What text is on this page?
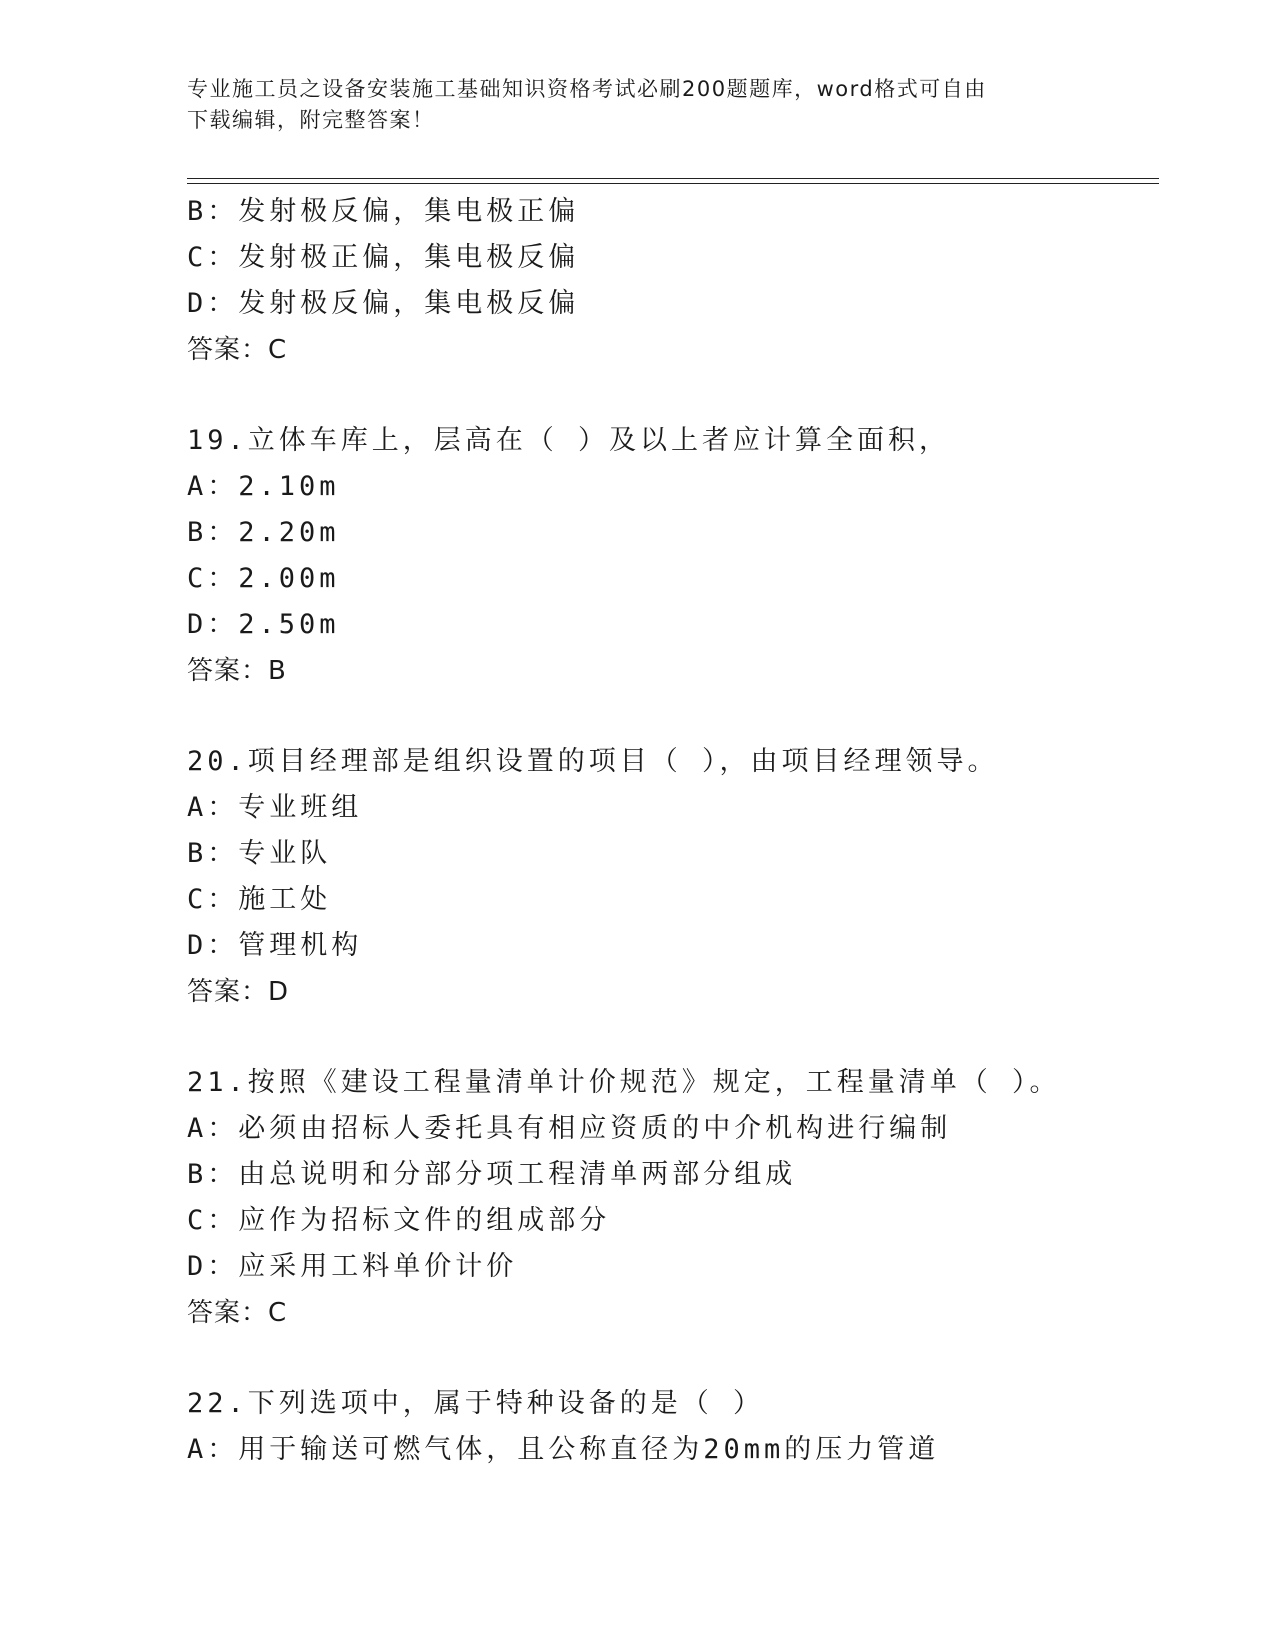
专业施工员之设备安装施工基础知识资格考试必刷200题题库，word格式可自由
下载编辑，附完整答案！
B：发射极反偏，集电极正偏
C：发射极正偏，集电极反偏
D：发射极反偏，集电极反偏
答案：C
19.立体车库上，层高在（ ）及以上者应计算全面积，
A：2.10m
B：2.20m
C：2.00m
D：2.50m
答案：B
20.项目经理部是组织设置的项目（ ），由项目经理领导。
A：专业班组
B：专业队
C：施工处
D：管理机构
答案：D
21.按照《建设工程量清单计价规范》规定，工程量清单（ ）。
A：必须由招标人委托具有相应资质的中介机构进行编制
B：由总说明和分部分项工程清单两部分组成
C：应作为招标文件的组成部分
D：应采用工料单价计价
答案：C
22.下列选项中，属于特种设备的是（ ）
A：用于输送可燃气体，且公称直径为20mm的压力管道
